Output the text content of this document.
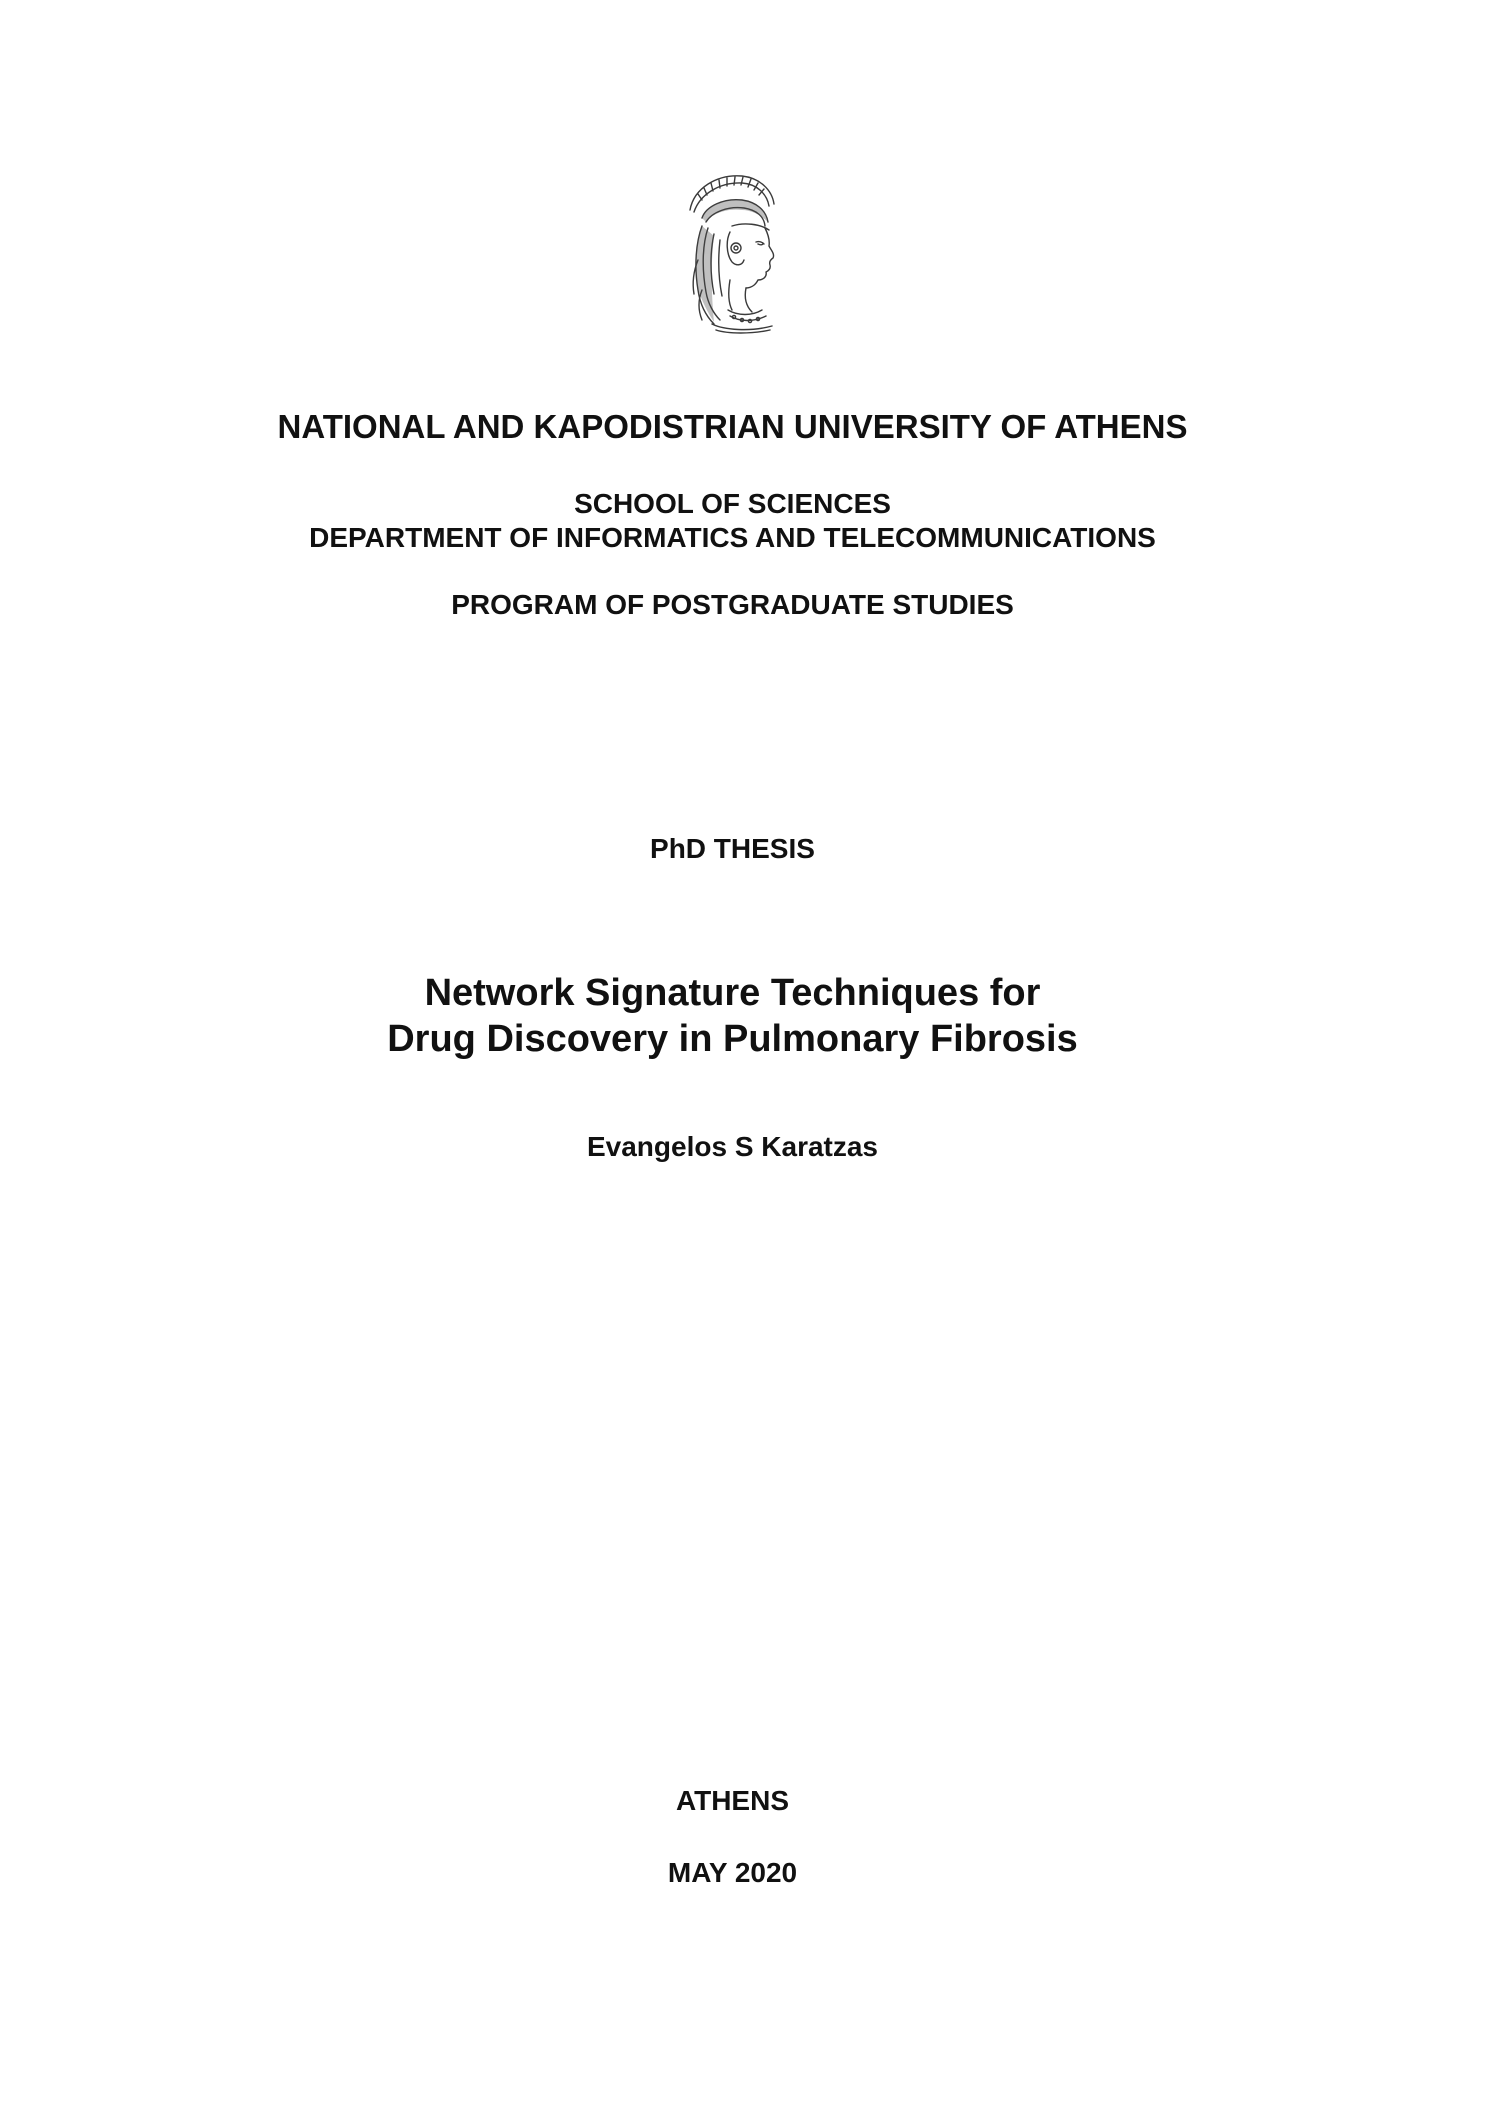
NATIONAL AND KAPODISTRIAN UNIVERSITY OF ATHENS
SCHOOL OF SCIENCES
DEPARTMENT OF INFORMATICS AND TELECOMMUNICATIONS
PROGRAM OF POSTGRADUATE STUDIES
PhD THESIS
Network Signature Techniques for
Drug Discovery in Pulmonary Fibrosis
Evangelos S Karatzas
ATHENS
MAY 2020
